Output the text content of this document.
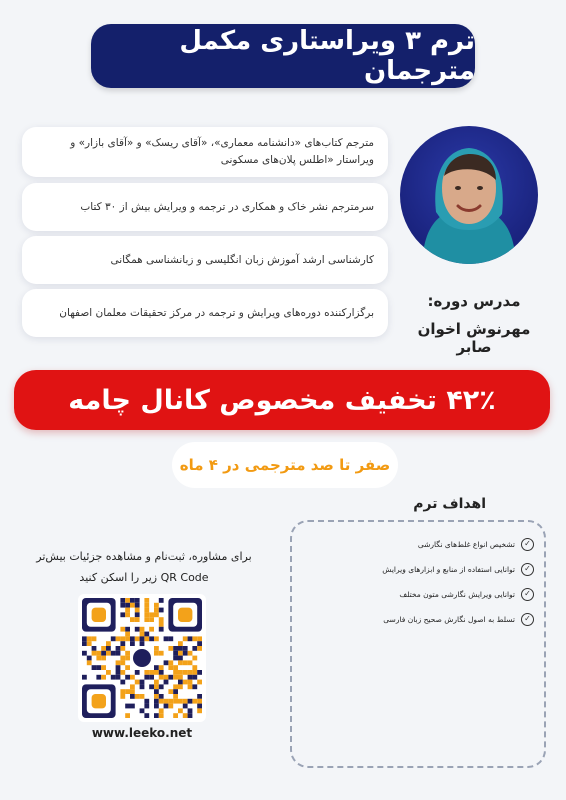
ترم ۳ ویراستاری مکمل مترجمان
مترجم کتاب‌های «دانشنامه معماری»، «آقای ریسک» و «آقای بازار» و ویراستار «اطلس پلان‌های مسکونی
سرمترجم نشر خاک و همکاری در ترجمه و ویرایش بیش از ۳۰ کتاب
کارشناسی ارشد آموزش زبان انگلیسی و زبانشناسی همگانی
برگزارکننده دوره‌های ویرایش و ترجمه در مرکز تحقیقات معلمان اصفهان
مدرس دوره:
مهرنوش اخوان صابر
۴۲٪ تخفیف مخصوص کانال چامه
صفر تا صد مترجمی در ۴ ماه
اهداف ترم
✓
تشخیص انواع غلط‌های نگارشی
✓
توانایی استفاده از منابع و ابزارهای ویرایش
✓
توانایی ویرایش نگارشی متون مختلف
✓
تسلط به اصول نگارش صحیح زبان فارسی
برای مشاوره، ثبت‌نام و مشاهده جزئیات بیش‌تر
QR Code زیر را اسکن کنید
www.leeko.net
